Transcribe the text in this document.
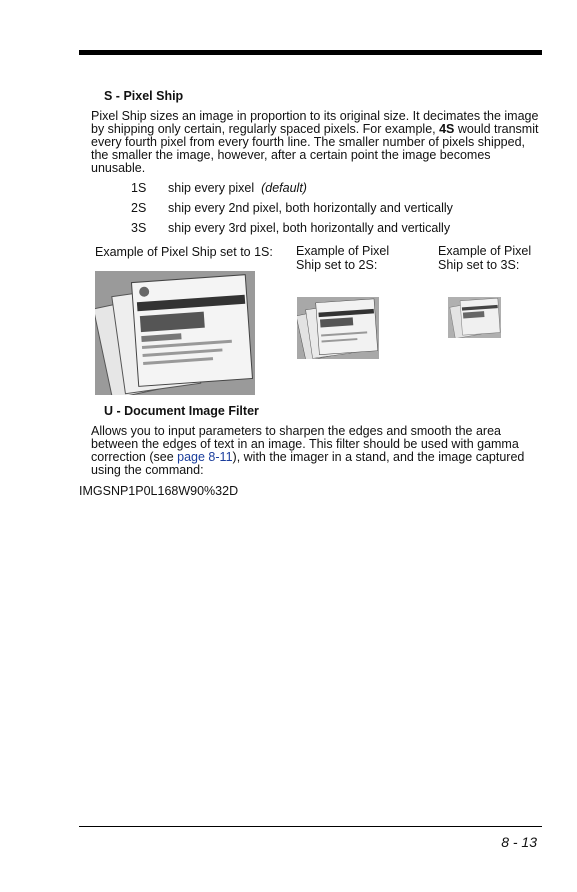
S - Pixel Ship
Pixel Ship sizes an image in proportion to its original size. It decimates the image by shipping only certain, regularly spaced pixels. For example, 4S would transmit every fourth pixel from every fourth line. The smaller number of pixels shipped, the smaller the image, however, after a certain point the image becomes unusable.
1S ship every pixel (default)
2S ship every 2nd pixel, both horizontally and vertically
3S ship every 3rd pixel, both horizontally and vertically
Example of Pixel Ship set to 1S:	Example of Pixel Ship set to 2S:
Example of Pixel Ship set to 3S:
U - Document Image Filter
Allows you to input parameters to sharpen the edges and smooth the area between the edges of text in an image. This filter should be used with gamma correction (see page 8-11), with the imager in a stand, and the image captured using the command:
IMGSNP1P0L168W90%32D
8 - 13
